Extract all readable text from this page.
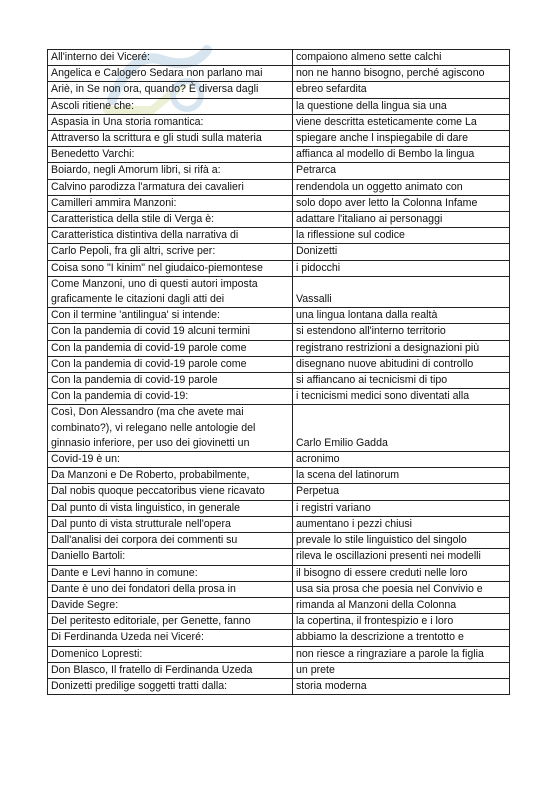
All'interno dei Viceré:	compaiono almeno sette calchi
Angelica e Calogero Sedara non parlano mai	non ne hanno bisogno, perché agiscono
Ariè, in Se non ora, quando? È diversa dagli	ebreo sefardita
Ascoli ritiene che:	la questione della lingua sia una
Aspasia in Una storia romantica:	viene descritta esteticamente come La
Attraverso la scrittura e gli studi sulla materia	spiegare anche l inspiegabile di dare
Benedetto Varchi:	affianca al modello di Bembo la lingua
Boiardo, negli Amorum libri, si rifà a:	Petrarca
Calvino parodizza l'armatura dei cavalieri	rendendola un oggetto animato con
Camilleri ammira Manzoni:	solo dopo aver letto la Colonna Infame
Caratteristica della stile di Verga è:	adattare l'italiano ai personaggi
Caratteristica distintiva della narrativa di	la riflessione sul codice
Carlo Pepoli, fra gli altri, scrive per:	Donizetti
Coisa sono "I kinim" nel giudaico-piemontese	i pidocchi

Come Manzoni, uno di questi autori imposta
graficamente le citazioni dagli atti dei	Vassalli
Con il termine 'antilingua' si intende:	una lingua lontana dalla realtà
Con la pandemia di covid 19 alcuni termini	si estendono all'interno territorio
Con la pandemia di covid-19 parole come	registrano restrizioni a designazioni più
Con la pandemia di covid-19 parole come	disegnano nuove abitudini di controllo
Con la pandemia di covid-19 parole	si affiancano ai tecnicismi di tipo
Con la pandemia di covid-19:	i tecnicismi medici sono diventati alla

Così, Don Alessandro (ma che avete mai
combinato?), vi relegano nelle antologie del
ginnasio inferiore, per uso dei giovinetti un	Carlo Emilio Gadda
Covid-19 è un:	acronimo
Da Manzoni e De Roberto, probabilmente,	la scena del latinorum
Dal nobis quoque peccatoribus viene ricavato	Perpetua
Dal punto di vista linguistico, in generale	i registri variano
Dal punto di vista strutturale nell'opera	aumentano i pezzi chiusi
Dall'analisi dei corpora dei commenti su	prevale lo stile linguistico del singolo
Daniello Bartoli:	rileva le oscillazioni presenti nei modelli
Dante e Levi hanno in comune:	il bisogno di essere creduti nelle loro
Dante è uno dei fondatori della prosa in	usa sia prosa che poesia nel Convivio e
Davide Segre:	rimanda al Manzoni della Colonna
Del peritesto editoriale, per Genette, fanno	la copertina, il frontespizio e i loro
Di Ferdinanda Uzeda nei Viceré:	abbiamo la descrizione a trentotto e
Domenico Lopresti:	non riesce a ringraziare a parole la figlia
Don Blasco, Il fratello di Ferdinanda Uzeda	un prete
Donizetti predilige soggetti tratti dalla:	storia moderna
